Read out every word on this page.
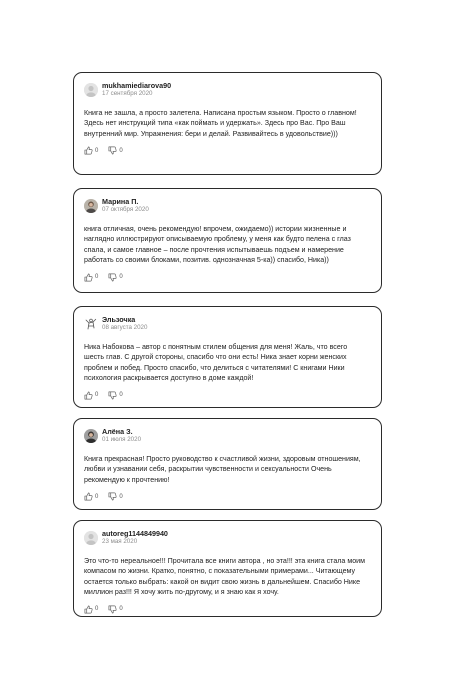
mukhamiediarova90
17 сентября 2020

Книга не зашла, а просто залетела. Написана простым языком. Просто о главном! Здесь нет инструкций типа «как поймать и удержать». Здесь про Вас. Про Ваш внутренний мир. Упражнения: бери и делай. Развивайтесь в удовольствие)))

0	0
Марина П.
07 октября 2020

книга отличная, очень рекомендую! впрочем, ожидаемо)) истории жизненные и наглядно иллюстрируют описываемую проблему, у меня как будто пелена с глаз спала, и самое главное – после прочтения испытываешь подъем и намерение работать со своими блоками, позитив. однозначная 5-ка)) спасибо, Ника))

0	0
Эльзочка
08 августа 2020

Ника Набокова – автор с понятным стилем общения для меня! Жаль, что всего шесть глав. С другой стороны, спасибо что они есть! Ника знает корни женских проблем и побед. Просто спасибо, что делиться с читателями! С книгами Ники психология раскрывается доступно в доме каждой!

0	0
Алёна З.
01 июля 2020

Книга прекрасная! Просто руководство к счастливой жизни, здоровым отношениям, любви и узнавании себя, раскрытии чувственности и сексуальности Очень рекомендую к прочтению!

0	0
autoreg1144849940
23 мая 2020

Это что-то нереальное!!! Прочитала все книги автора , но эта!!! эта книга стала моим компасом по жизни. Кратко, понятно, с показательными примерами... Читающему остается только выбрать: какой он видит свою жизнь в дальнейшем. Спасибо Нике миллион раз!!! Я хочу жить по-другому, и я знаю как я хочу.

0	0
